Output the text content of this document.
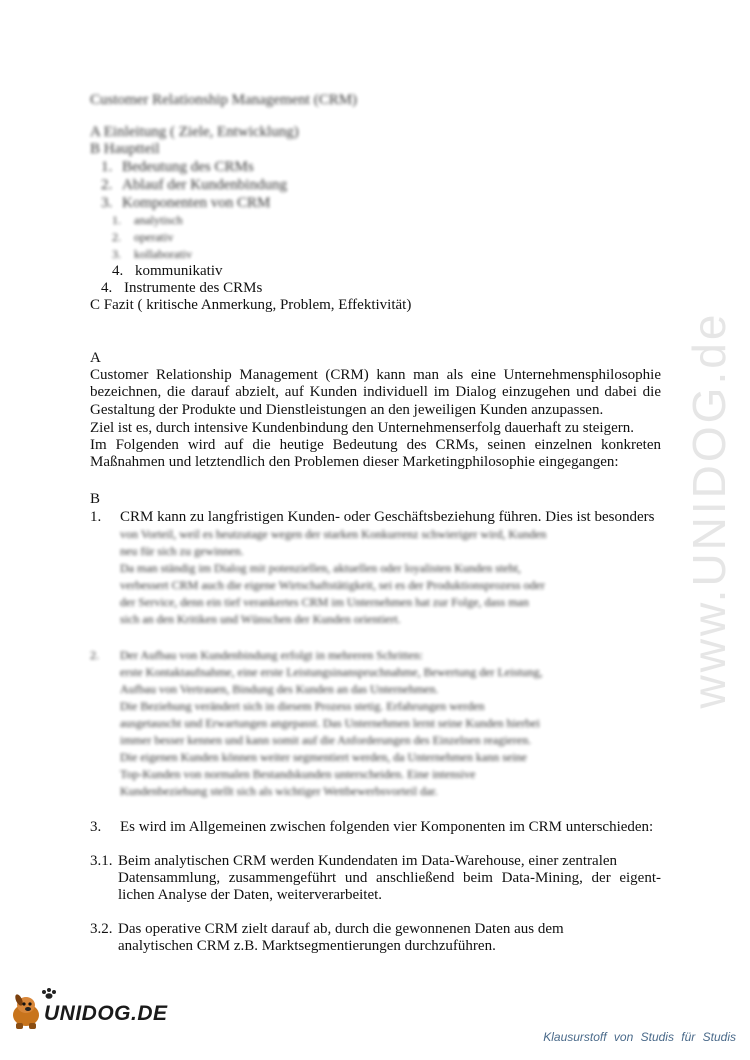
www.UNIDOG.de
Customer Relationship Management (CRM)
A Einleitung ( Ziele, Entwicklung)
B Hauptteil
1. Bedeutung des CRMs
2. Ablauf der Kundenbindung
3. Komponenten von CRM
1. analytisch
2. operativ
3. kollaborativ
4. kommunikativ
4. Instrumente des CRMs
C Fazit ( kritische Anmerkung, Problem, Effektivität)
A
Customer Relationship Management (CRM) kann man als eine Unternehmensphilosophie bezeichnen, die darauf abzielt, auf Kunden individuell im Dialog einzugehen und dabei die Gestaltung der Produkte und Dienstleistungen an den jeweiligen Kunden anzupassen.
Ziel ist es, durch intensive Kundenbindung den Unternehmenserfolg dauerhaft zu steigern.
Im Folgenden wird auf die heutige Bedeutung des CRMs, seinen einzelnen konkreten Maßnahmen und letztendlich den Problemen dieser Marketingphilosophie eingegangen:
B
1. CRM kann zu langfristigen Kunden- oder Geschäftsbeziehung führen. Dies ist besonders
von Vorteil, weil es heutzutage wegen der starken Konkurrenz schwieriger wird, Kunden
neu für sich zu gewinnen.
Da man ständig im Dialog mit potenziellen, aktuellen oder loyalisten Kunden steht,
verbessert CRM auch die eigene Wirtschaftstätigkeit, sei es der Produktionsprozess oder
der Service, denn ein tief verankertes CRM im Unternehmen hat zur Folge, dass man
sich an den Kritiken und Wünschen der Kunden orientiert.
2. Der Aufbau von Kundenbindung erfolgt in mehreren Schritten:
erste Kontaktaufnahme, eine erste Leistungsinanspruchnahme, Bewertung der Leistung,
Aufbau von Vertrauen, Bindung des Kunden an das Unternehmen.
Die Beziehung verändert sich in diesem Prozess stetig. Erfahrungen werden
ausgetauscht und Erwartungen angepasst. Das Unternehmen lernt seine Kunden hierbei
immer besser kennen und kann somit auf die Anforderungen des Einzelnen reagieren.
Die eigenen Kunden können weiter segmentiert werden, da Unternehmen kann seine
Top-Kunden von normalen Bestandskunden unterscheiden. Eine intensive
Kundenbeziehung stellt sich als wichtiger Wettbewerbsvorteil dar.
3. Es wird im Allgemeinen zwischen folgenden vier Komponenten im CRM unterschieden:
3.1. Beim analytischen CRM werden Kundendaten im Data-Warehouse, einer zentralen
Datensammlung, zusammengeführt und anschließend beim Data-Mining, der eigent-
lichen Analyse der Daten, weiterverarbeitet.
3.2. Das operative CRM zielt darauf ab, durch die gewonnenen Daten aus dem
analytischen CRM z.B. Marktsegmentierungen durchzuführen.
UNIDOG.DE
Klausurstoff von Studis für Studis
